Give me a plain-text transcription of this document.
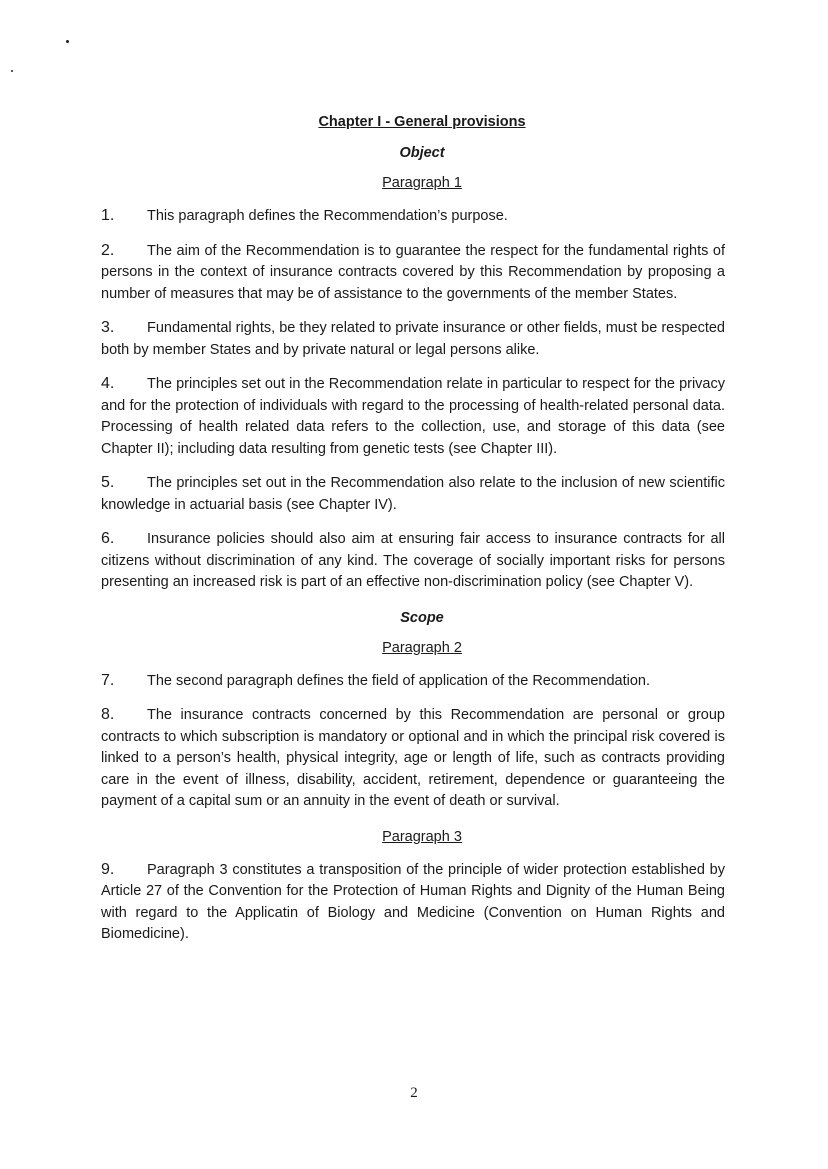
Chapter I - General provisions
Object
Paragraph 1

1. This paragraph defines the Recommendation’s purpose.

2. The aim of the Recommendation is to guarantee the respect for the fundamental rights of persons in the context of insurance contracts covered by this Recommendation by proposing a number of measures that may be of assistance to the governments of the member States.

3. Fundamental rights, be they related to private insurance or other fields, must be respected both by member States and by private natural or legal persons alike.

4. The principles set out in the Recommendation relate in particular to respect for the privacy and for the protection of individuals with regard to the processing of health-related personal data. Processing of health related data refers to the collection, use, and storage of this data (see Chapter II); including data resulting from genetic tests (see Chapter III).

5. The principles set out in the Recommendation also relate to the inclusion of new scientific knowledge in actuarial basis (see Chapter IV).

6. Insurance policies should also aim at ensuring fair access to insurance contracts for all citizens without discrimination of any kind. The coverage of socially important risks for persons presenting an increased risk is part of an effective non-discrimination policy (see Chapter V).

Scope
Paragraph 2

7. The second paragraph defines the field of application of the Recommendation.

8. The insurance contracts concerned by this Recommendation are personal or group contracts to which subscription is mandatory or optional and in which the principal risk covered is linked to a person’s health, physical integrity, age or length of life, such as contracts providing care in the event of illness, disability, accident, retirement, dependence or guaranteeing the payment of a capital sum or an annuity in the event of death or survival.

Paragraph 3

9. Paragraph 3 constitutes a transposition of the principle of wider protection established by Article 27 of the Convention for the Protection of Human Rights and Dignity of the Human Being with regard to the Applicatin of Biology and Medicine (Convention on Human Rights and Biomedicine).

2
